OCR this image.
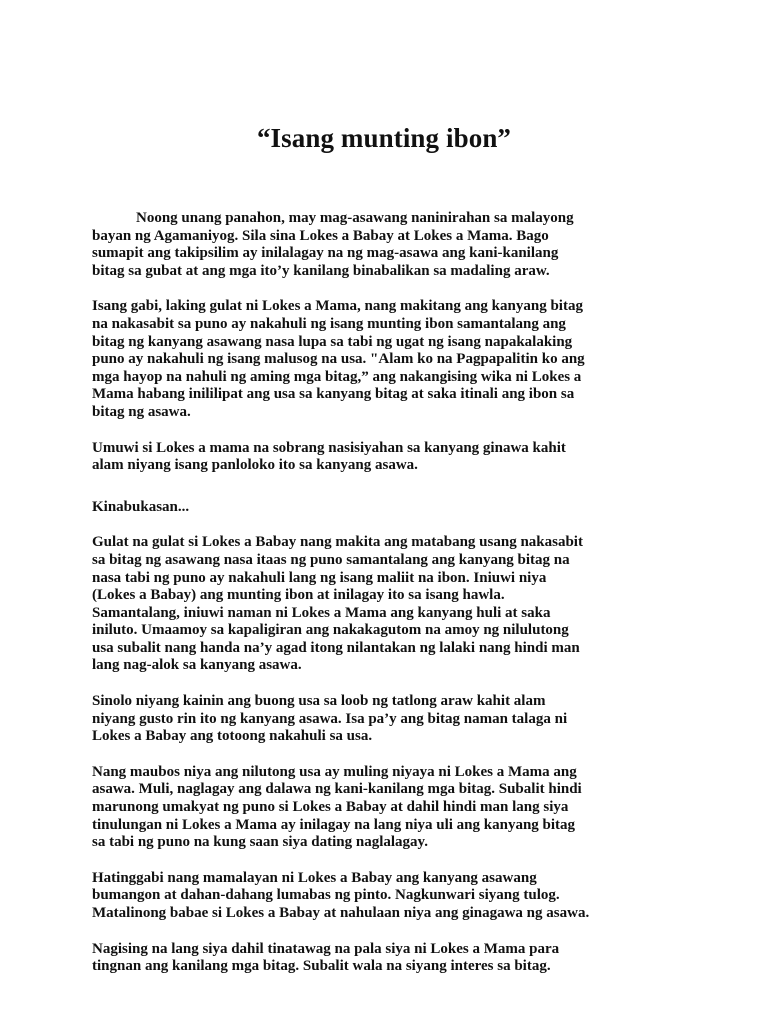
“Isang munting ibon”

Noong unang panahon, may mag-asawang naninirahan sa malayong
bayan ng Agamaniyog. Sila sina Lokes a Babay at Lokes a Mama. Bago
sumapit ang takipsilim ay inilalagay na ng mag-asawa ang kani-kanilang
bitag sa gubat at ang mga ito’y kanilang binabalikan sa madaling araw.

Isang gabi, laking gulat ni Lokes a Mama, nang makitang ang kanyang bitag
na nakasabit sa puno ay nakahuli ng isang munting ibon samantalang ang
bitag ng kanyang asawang nasa lupa sa tabi ng ugat ng isang napakalaking
puno ay nakahuli ng isang malusog na usa. "Alam ko na Pagpapalitin ko ang
mga hayop na nahuli ng aming mga bitag,” ang nakangising wika ni Lokes a
Mama habang inililipat ang usa sa kanyang bitag at saka itinali ang ibon sa
bitag ng asawa.

Umuwi si Lokes a mama na sobrang nasisiyahan sa kanyang ginawa kahit
alam niyang isang panloloko ito sa kanyang asawa.

Kinabukasan...

Gulat na gulat si Lokes a Babay nang makita ang matabang usang nakasabit
sa bitag ng asawang nasa itaas ng puno samantalang ang kanyang bitag na
nasa tabi ng puno ay nakahuli lang ng isang maliit na ibon. Iniuwi niya
(Lokes a Babay) ang munting ibon at inilagay ito sa isang hawla.
Samantalang, iniuwi naman ni Lokes a Mama ang kanyang huli at saka
iniluto. Umaamoy sa kapaligiran ang nakakagutom na amoy ng nilulutong
usa subalit nang handa na’y agad itong nilantakan ng lalaki nang hindi man
lang nag-alok sa kanyang asawa.

Sinolo niyang kainin ang buong usa sa loob ng tatlong araw kahit alam
niyang gusto rin ito ng kanyang asawa. Isa pa’y ang bitag naman talaga ni
Lokes a Babay ang totoong nakahuli sa usa.

Nang maubos niya ang nilutong usa ay muling niyaya ni Lokes a Mama ang
asawa. Muli, naglagay ang dalawa ng kani-kanilang mga bitag. Subalit hindi
marunong umakyat ng puno si Lokes a Babay at dahil hindi man lang siya
tinulungan ni Lokes a Mama ay inilagay na lang niya uli ang kanyang bitag
sa tabi ng puno na kung saan siya dating naglalagay.

Hatinggabi nang mamalayan ni Lokes a Babay ang kanyang asawang
bumangon at dahan-dahang lumabas ng pinto. Nagkunwari siyang tulog.
Matalinong babae si Lokes a Babay at nahulaan niya ang ginagawa ng asawa.

Nagising na lang siya dahil tinatawag na pala siya ni Lokes a Mama para
tingnan ang kanilang mga bitag. Subalit wala na siyang interes sa bitag.
